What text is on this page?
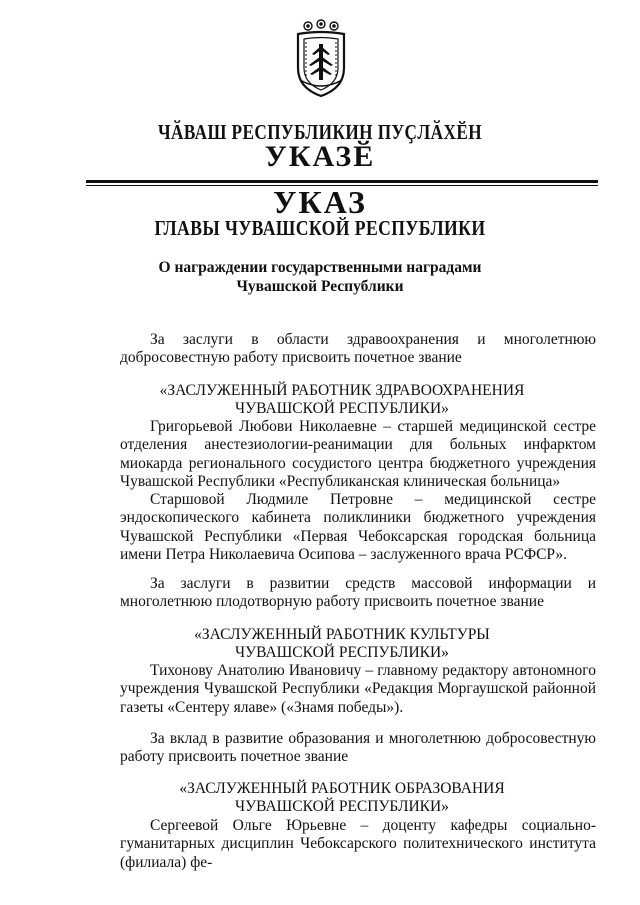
ЧӐВАШ РЕСПУБЛИКИН ПУҪЛӐХӖН
УКАЗӖ
УКАЗ
ГЛАВЫ ЧУВАШСКОЙ РЕСПУБЛИКИ
О награждении государственными наградами
Чувашской Республики
За заслуги в области здравоохранения и многолетнюю добросовестную работу присвоить почетное звание
«ЗАСЛУЖЕННЫЙ РАБОТНИК ЗДРАВООХРАНЕНИЯ
ЧУВАШСКОЙ РЕСПУБЛИКИ»
Григорьевой Любови Николаевне – старшей медицинской сестре отделения анестезиологии-реанимации для больных инфарктом миокарда регионального сосудистого центра бюджетного учреждения Чувашской Республики «Республиканская клиническая больница»
Старшовой Людмиле Петровне – медицинской сестре эндоскопического кабинета поликлиники бюджетного учреждения Чувашской Республики «Первая Чебоксарская городская больница имени Петра Николаевича Осипова – заслуженного врача РСФСР».
За заслуги в развитии средств массовой информации и многолетнюю плодотворную работу присвоить почетное звание
«ЗАСЛУЖЕННЫЙ РАБОТНИК КУЛЬТУРЫ
ЧУВАШСКОЙ РЕСПУБЛИКИ»
Тихонову Анатолию Ивановичу – главному редактору автономного учреждения Чувашской Республики «Редакция Моргаушской районной газеты «Сентеру ялаве» («Знамя победы»).
За вклад в развитие образования и многолетнюю добросовестную работу присвоить почетное звание
«ЗАСЛУЖЕННЫЙ РАБОТНИК ОБРАЗОВАНИЯ
ЧУВАШСКОЙ РЕСПУБЛИКИ»
Сергеевой Ольге Юрьевне – доценту кафедры социально-гуманитарных дисциплин Чебоксарского политехнического института (филиала) фе-
